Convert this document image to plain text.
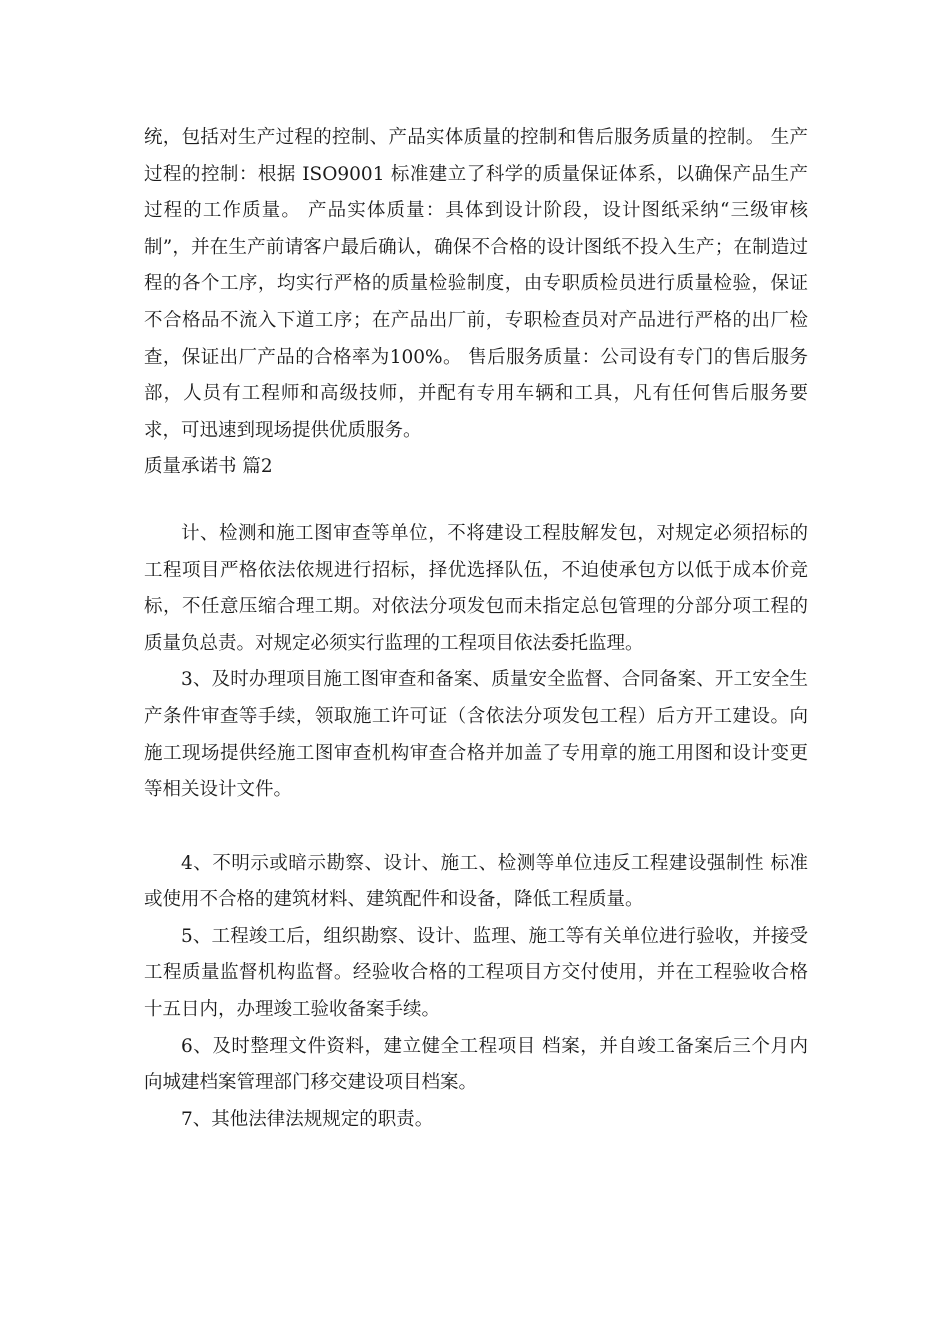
统，包括对生产过程的控制、产品实体质量的控制和售后服务质量的控制。 生产过程的控制：根据 ISO9001 标准建立了科学的质量保证体系，以确保产品生产过程的工作质量。 产品实体质量：具体到设计阶段，设计图纸采纳“三级审核制”，并在生产前请客户最后确认，确保不合格的设计图纸不投入生产；在制造过程的各个工序，均实行严格的质量检验制度，由专职质检员进行质量检验，保证不合格品不流入下道工序；在产品出厂前，专职检查员对产品进行严格的出厂检查，保证出厂产品的合格率为100%。 售后服务质量：公司设有专门的售后服务部，人员有工程师和高级技师，并配有专用车辆和工具，凡有任何售后服务要求，可迅速到现场提供优质服务。

质量承诺书 篇2

计、检测和施工图审查等单位，不将建设工程肢解发包，对规定必须招标的工程项目严格依法依规进行招标，择优选择队伍，不迫使承包方以低于成本价竞标，不任意压缩合理工期。对依法分项发包而未指定总包管理的分部分项工程的质量负总责。对规定必须实行监理的工程项目依法委托监理。

3、及时办理项目施工图审查和备案、质量安全监督、合同备案、开工安全生产条件审查等手续，领取施工许可证（含依法分项发包工程）后方开工建设。向施工现场提供经施工图审查机构审查合格并加盖了专用章的施工用图和设计变更等相关设计文件。

4、不明示或暗示勘察、设计、施工、检测等单位违反工程建设强制性 标准或使用不合格的建筑材料、建筑配件和设备，降低工程质量。

5、工程竣工后，组织勘察、设计、监理、施工等有关单位进行验收，并接受工程质量监督机构监督。经验收合格的工程项目方交付使用，并在工程验收合格十五日内，办理竣工验收备案手续。

6、及时整理文件资料，建立健全工程项目 档案，并自竣工备案后三个月内向城建档案管理部门移交建设项目档案。

7、其他法律法规规定的职责。
